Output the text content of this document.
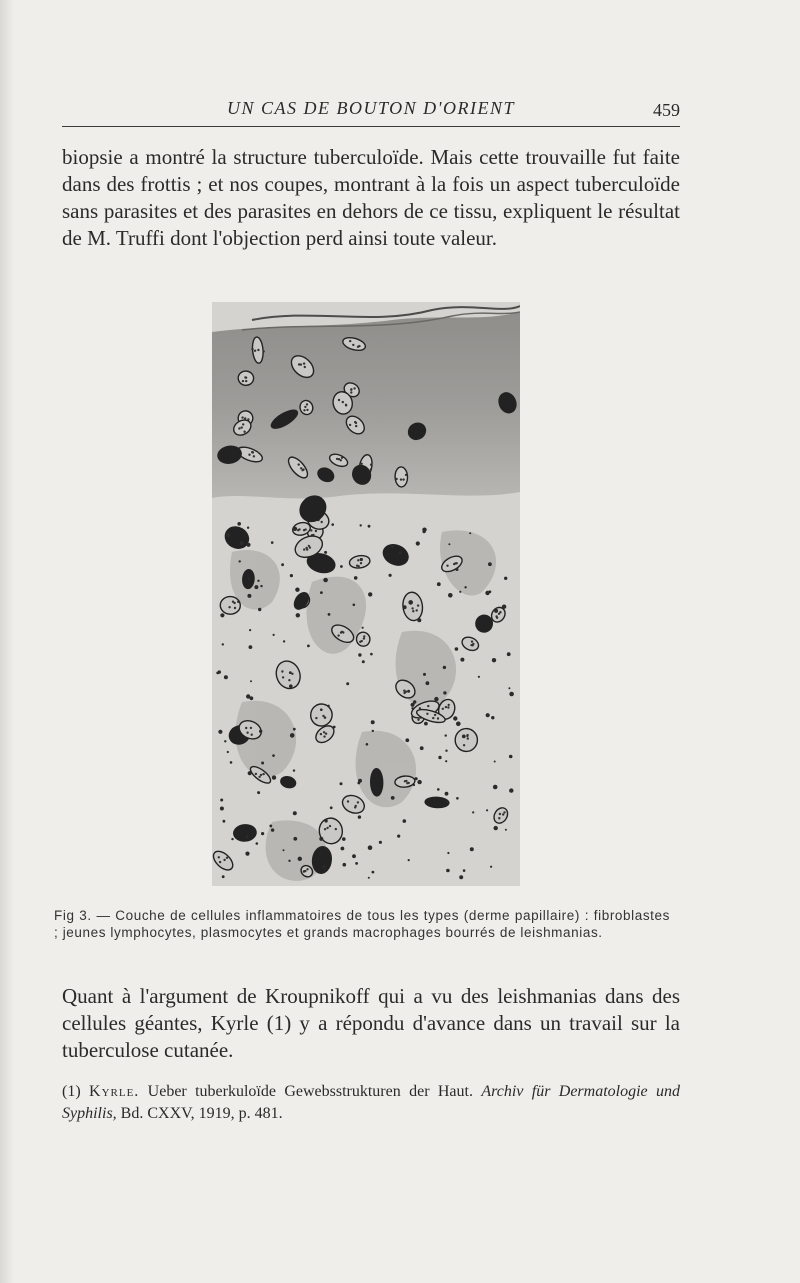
UN CAS DE BOUTON D'ORIENT	459

biopsie a montré la structure tuberculoïde. Mais cette trouvaille fut faite dans des frottis ; et nos coupes, montrant à la fois un aspect tuberculoïde sans parasites et des parasites en dehors de ce tissu, expliquent le résultat de M. Truffi dont l'objection perd ainsi toute valeur.

Fig 3. — Couche de cellules inflammatoires de tous les types (derme papillaire) : fibroblastes ; jeunes lymphocytes, plasmocytes et grands macrophages bourrés de leishmanias.

Quant à l'argument de Kroupnikoff qui a vu des leishmanias dans des cellules géantes, Kyrle (1) y a répondu d'avance dans un travail sur la tuberculose cutanée.

(1) Kyrle. Ueber tuberkuloïde Gewebsstrukturen der Haut. Archiv für Dermatologie und Syphilis, Bd. CXXV, 1919, p. 481.
